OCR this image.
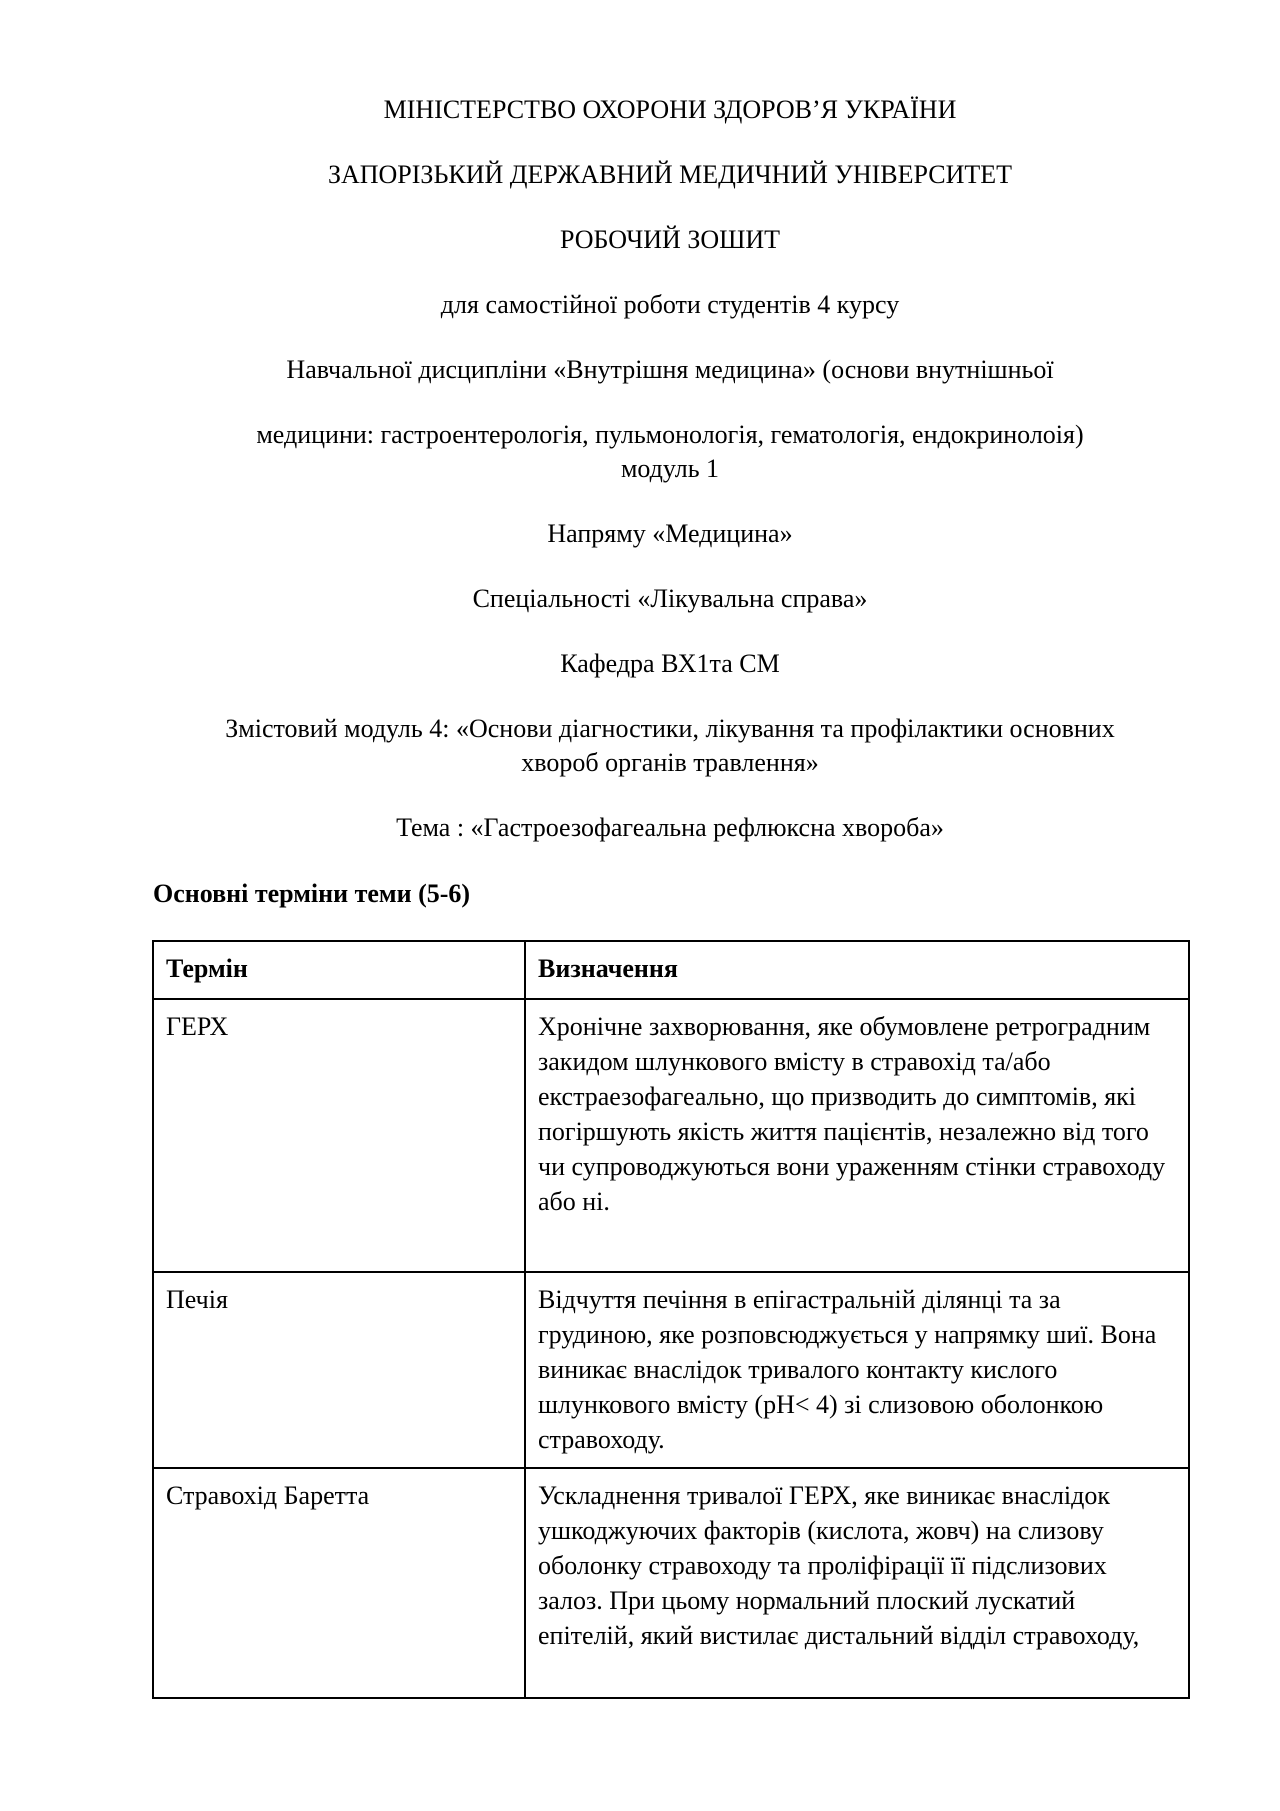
МІНІСТЕРСТВО ОХОРОНИ ЗДОРОВ’Я УКРАЇНИ

ЗАПОРІЗЬКИЙ ДЕРЖАВНИЙ МЕДИЧНИЙ УНІВЕРСИТЕТ

РОБОЧИЙ ЗОШИТ

для самостійної роботи студентів 4 курсу

Навчальної дисципліни «Внутрішня медицина» (основи внутнішньої

медицини: гастроентерологія, пульмонологія, гематологія, ендокринолоія)

модуль 1

Напряму «Медицина»

Спеціальності «Лікувальна справа»

Кафедра ВХ1та СМ

Змістовий модуль 4: «Основи діагностики, лікування та профілактики основних

хвороб органів травлення»

Тема : «Гастроезофагеальна рефлюксна хвороба»

Основні терміни теми (5-6)

Термін	Визначення
ГЕРХ	Хронічне захворювання, яке обумовлене ретроградним закидом шлункового вмісту в стравохід та/або екстраезофагеально, що призводить до симптомів, які погіршують якість життя пацієнтів, незалежно від того чи супроводжуються вони ураженням стінки стравоходу або ні.
Печія	Відчуття печіння в епігастральній ділянці та за грудиною, яке розповсюджується у напрямку шиї. Вона виникає внаслідок тривалого контакту кислого шлункового вмісту (pH< 4) зі слизовою оболонкою стравоходу.
Стравохід Баретта	Ускладнення тривалої ГЕРХ, яке виникає внаслідок ушкоджуючих факторів (кислота, жовч) на слизову оболонку стравоходу та проліфірації її підслизових залоз. При цьому нормальний плоский лускатий епітелій, який вистилає дистальний відділ стравоходу,
